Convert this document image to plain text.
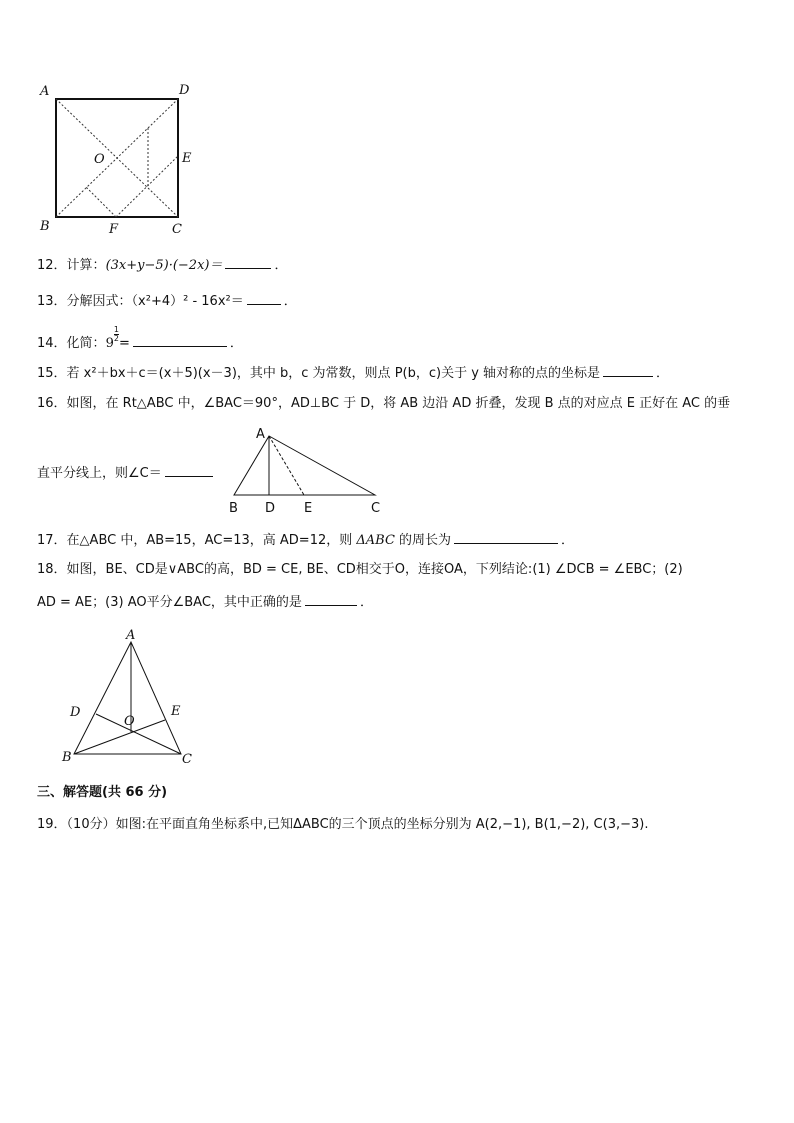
A	D
O	E
B	F	C
12．计算：(3x+y−5)·(−2x)＝	．
13．分解因式：（x²+4）² - 16x²＝	．
14．化简：9
$\frac{1}{2}$
=	．
15．若 x²＋bx＋c＝(x＋5)(x－3)，其中 b，c 为常数，则点 P(b，c)关于 y 轴对称的点的坐标是	．
16．如图，在 Rt△ABC 中，∠BAC＝90°，AD⊥BC 于 D，将 AB 边沿 AD 折叠，发现 B 点的对应点 E 正好在 AC 的垂
直平分线上，则∠C＝
A
B D E	C
17．在△ABC 中，AB=15，AC=13，高 AD=12，则 ΔABC 的周长为	．
18．如图，BE、CD是∨ABC的高，BD = CE, BE、CD相交于O，连接OA，下列结论:(1) ∠DCB = ∠EBC；(2)
AD = AE；(3) AO平分∠BAC，其中正确的是	．
A
D	E
O
B	C
三、解答题(共 66 分)
19．（10分）如图:在平面直角坐标系中,已知ΔABC的三个顶点的坐标分别为 A(2,−1), B(1,−2), C(3,−3).
